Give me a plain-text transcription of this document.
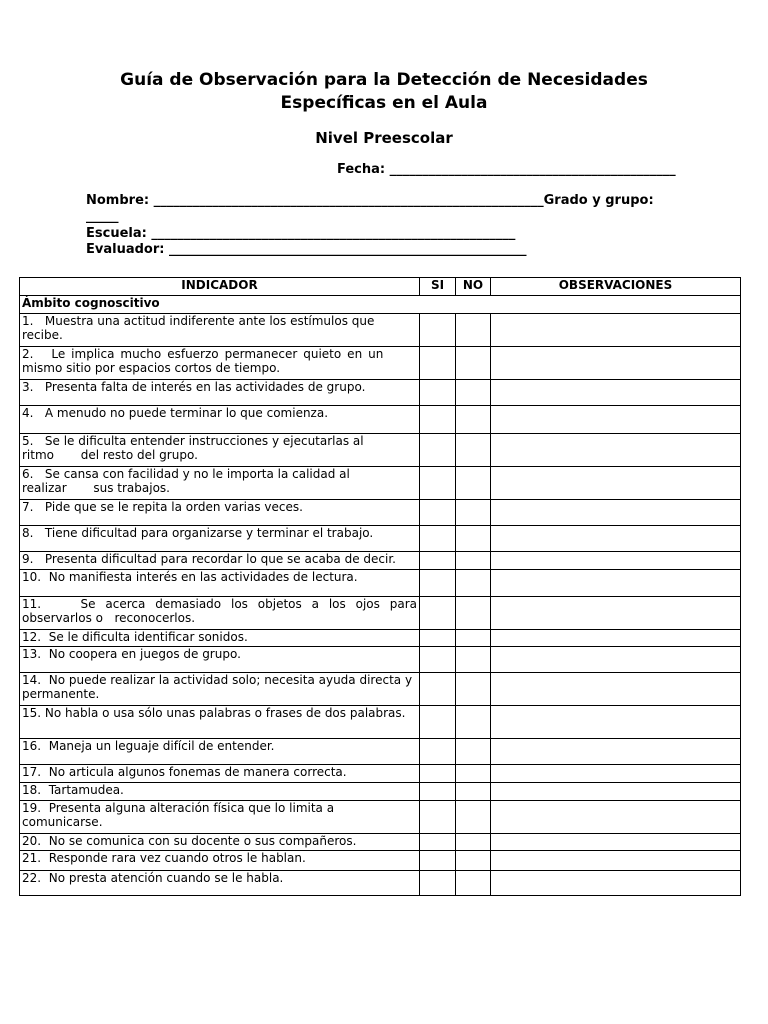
Guía de Observación para la Detección de Necesidades
Específicas en el Aula
Nivel Preescolar
Fecha: ____________________________________________
Nombre: ____________________________________________________________Grado y grupo:
_____
Escuela: ________________________________________________________
Evaluador: _______________________________________________________
INDICADOR	SI	NO	OBSERVACIONES
Ámbito cognoscitivo			
1.   Muestra una actitud indiferente ante los estímulos que       recibe.			
2.   Le implica mucho esfuerzo permanecer quieto en un       mismo sitio por espacios cortos de tiempo.			
3.   Presenta falta de interés en las actividades de grupo.			
4.   A menudo no puede terminar lo que comienza.			
5.   Se le dificulta entender instrucciones y ejecutarlas al ritmo       del resto del grupo.			
6.   Se cansa con facilidad y no le importa la calidad al realizar       sus trabajos.			
7.   Pide que se le repita la orden varias veces.			
8.   Tiene dificultad para organizarse y terminar el trabajo.			
9.   Presenta dificultad para recordar lo que se acaba de decir.			
10.  No manifiesta interés en las actividades de lectura.			
11.    Se acerca demasiado los objetos a los ojos para observarlos o   reconocerlos.			
12.  Se le dificulta identificar sonidos.			
13.  No coopera en juegos de grupo.			
14.  No puede realizar la actividad solo; necesita ayuda directa y permanente.			
15. No habla o usa sólo unas palabras o frases de dos palabras.			
16.  Maneja un leguaje difícil de entender.			
17.  No articula algunos fonemas de manera correcta.			
18.  Tartamudea.			
19.  Presenta alguna alteración física que lo limita a comunicarse.			
20.  No se comunica con su docente o sus compañeros.			
21.  Responde rara vez cuando otros le hablan.			
22.  No presta atención cuando se le habla.			
